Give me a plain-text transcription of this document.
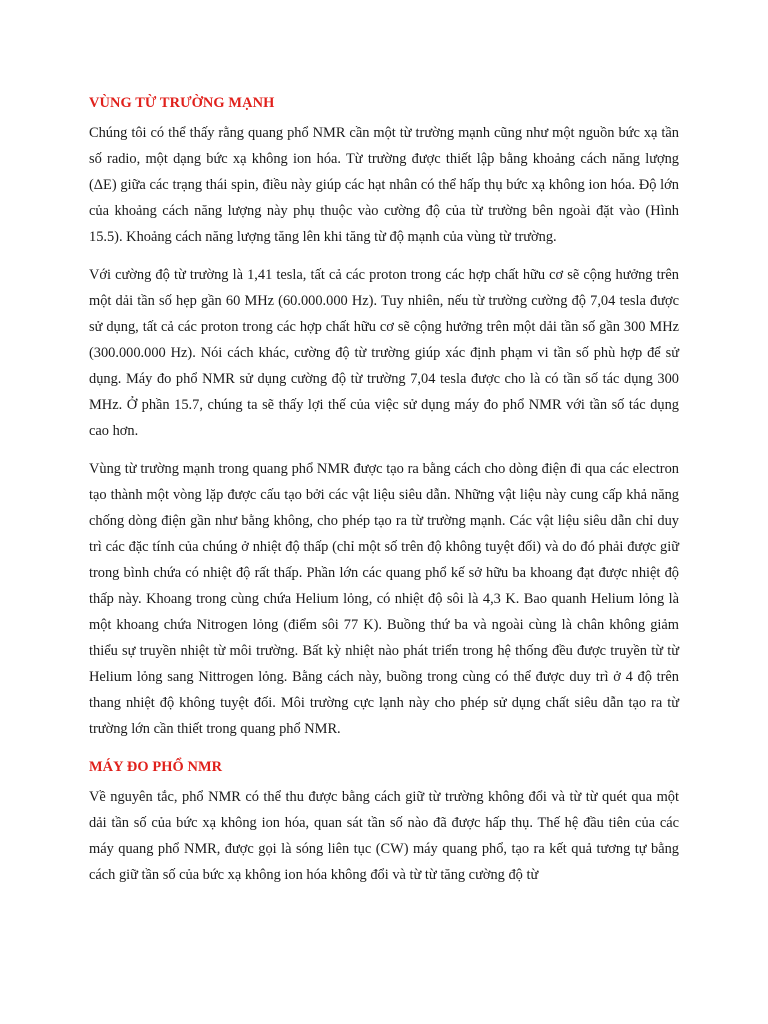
VÙNG TỪ TRƯỜNG MẠNH

Chúng tôi có thể thấy rằng quang phổ NMR cần một từ trường mạnh cũng như một nguồn bức xạ tần số radio, một dạng bức xạ không ion hóa. Từ trường được thiết lập bằng khoảng cách năng lượng (ΔE) giữa các trạng thái spin, điều này giúp các hạt nhân có thể hấp thụ bức xạ không ion hóa. Độ lớn của khoảng cách năng lượng này phụ thuộc vào cường độ của từ trường bên ngoài đặt vào (Hình 15.5). Khoảng cách năng lượng tăng lên khi tăng từ độ mạnh của vùng từ trường.

Với cường độ từ trường là 1,41 tesla, tất cả các proton trong các hợp chất hữu cơ sẽ cộng hưởng trên một dải tần số hẹp gần 60 MHz (60.000.000 Hz). Tuy nhiên, nếu từ trường cường độ 7,04 tesla được sử dụng, tất cả các proton trong các hợp chất hữu cơ sẽ cộng hưởng trên một dải tần số gần 300 MHz (300.000.000 Hz). Nói cách khác, cường độ từ trường giúp xác định phạm vi tần số phù hợp để sử dụng. Máy đo phổ NMR sử dụng cường độ từ trường 7,04 tesla được cho là có tần số tác dụng 300 MHz. Ở phần 15.7, chúng ta sẽ thấy lợi thế của việc sử dụng máy đo phổ NMR với tần số tác dụng cao hơn.

Vùng từ trường mạnh trong quang phổ NMR được tạo ra bằng cách cho dòng điện đi qua các electron tạo thành một vòng lặp được cấu tạo bởi các vật liệu siêu dẫn. Những vật liệu này cung cấp khả năng chống dòng điện gần như bằng không, cho phép tạo ra từ trường mạnh. Các vật liệu siêu dẫn chỉ duy trì các đặc tính của chúng ở nhiệt độ thấp (chỉ một số trên độ không tuyệt đối) và do đó phải được giữ trong bình chứa có nhiệt độ rất thấp. Phần lớn các quang phổ kế sở hữu ba khoang đạt được nhiệt độ thấp này. Khoang trong cùng chứa Helium lỏng, có nhiệt độ sôi là 4,3 K. Bao quanh Helium lỏng là một khoang chứa Nitrogen lỏng (điểm sôi 77 K). Buồng thứ ba và ngoài cùng là chân không giảm thiểu sự truyền nhiệt từ môi trường. Bất kỳ nhiệt nào phát triển trong hệ thống đều được truyền từ từ Helium lỏng sang Nittrogen lỏng. Bằng cách này, buồng trong cùng có thể được duy trì ở 4 độ trên thang nhiệt độ không tuyệt đối. Môi trường cực lạnh này cho phép sử dụng chất siêu dẫn tạo ra từ trường lớn cần thiết trong quang phổ NMR.

MÁY ĐO PHỔ NMR

Về nguyên tắc, phổ NMR có thể thu được bằng cách giữ từ trường không đổi và từ từ quét qua một dải tần số của bức xạ không ion hóa, quan sát tần số nào đã được hấp thụ. Thế hệ đầu tiên của các máy quang phổ NMR, được gọi là sóng liên tục (CW) máy quang phổ, tạo ra kết quả tương tự bằng cách giữ tần số của bức xạ không ion hóa không đổi và từ từ tăng cường độ từ
